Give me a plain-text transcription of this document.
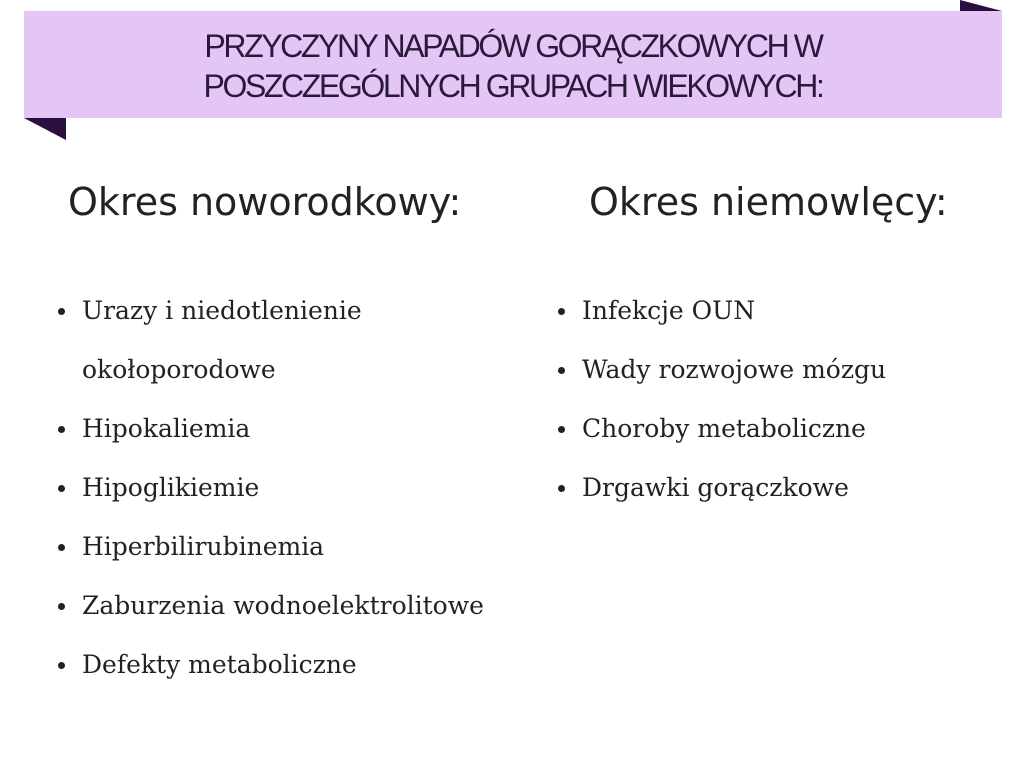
PRZYCZYNY NAPADÓW GORĄCZKOWYCH W
POSZCZEGÓLNYCH GRUPACH WIEKOWYCH:
Okres noworodkowy:	Okres niemowlęcy:
Urazy i niedotlenienie okołoporodowe
Hipokaliemia
Hipoglikiemie
Hiperbilirubinemia
Zaburzenia wodnoelektrolitowe
Defekty metaboliczne
Infekcje OUN
Wady rozwojowe mózgu
Choroby metaboliczne
Drgawki gorączkowe
